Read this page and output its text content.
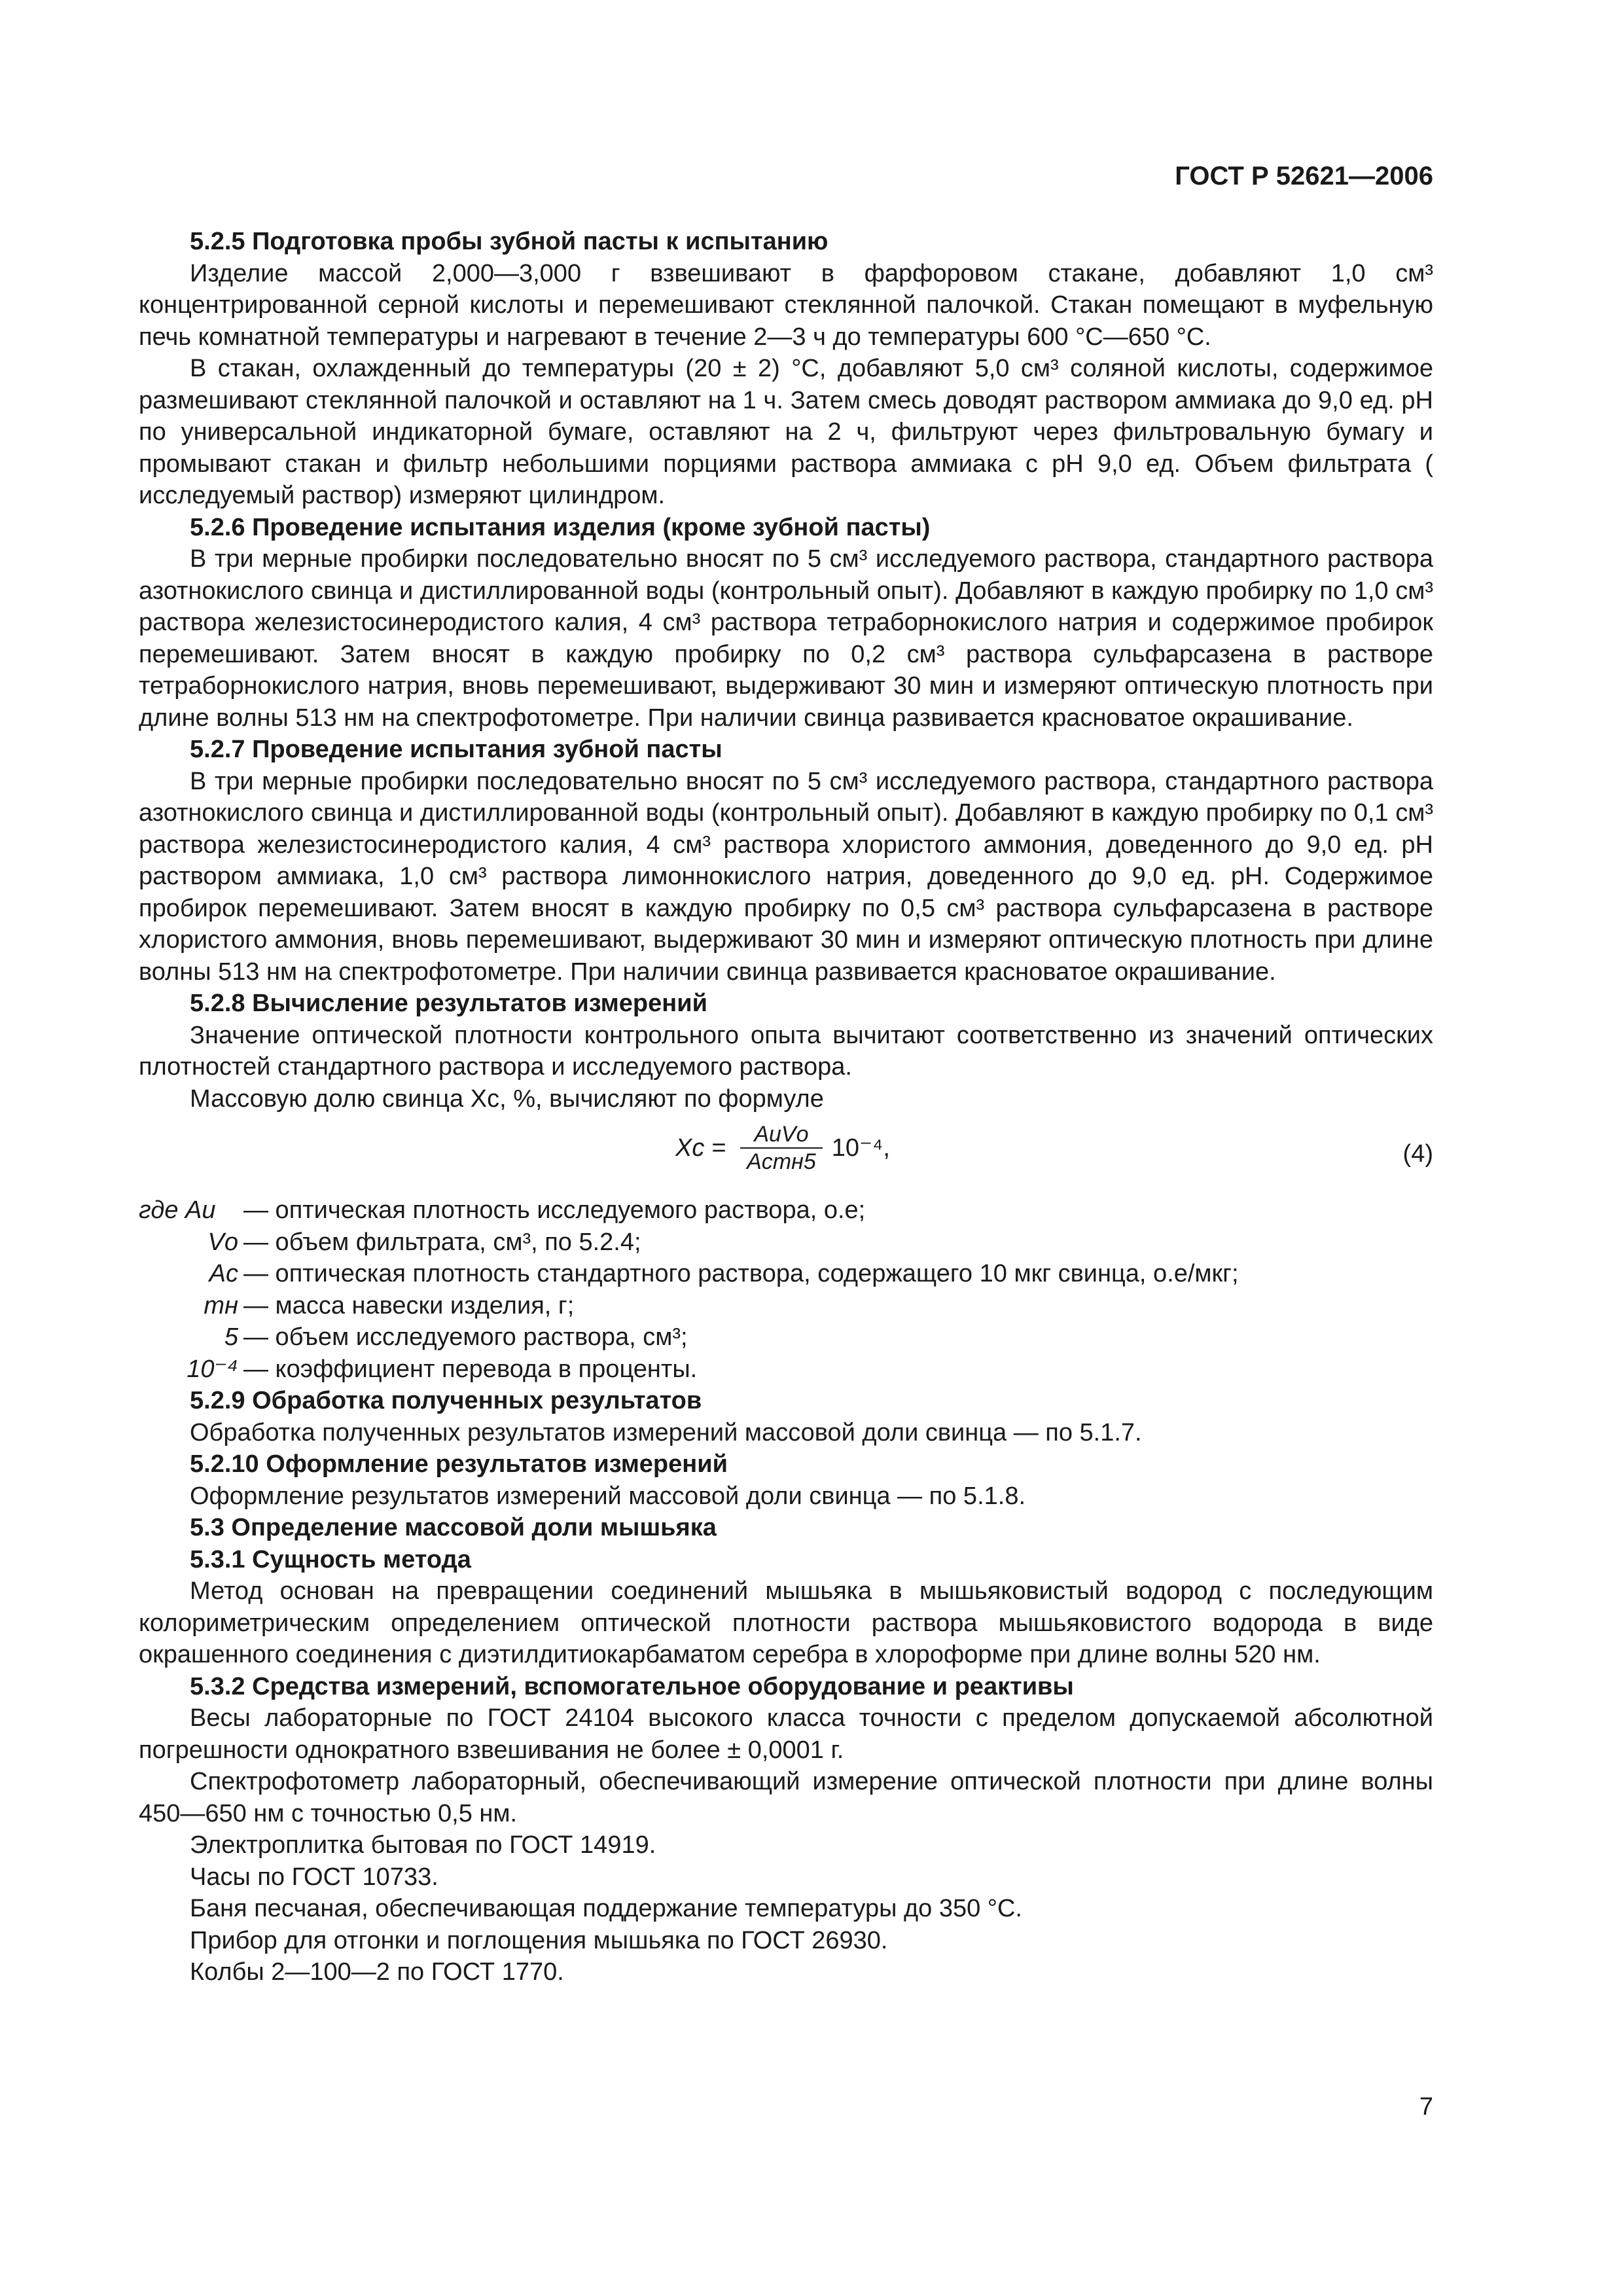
ГОСТ Р 52621—2006

5.2.5 Подготовка пробы зубной пасты к испытанию

Изделие массой 2,000—3,000 г взвешивают в фарфоровом стакане, добавляют 1,0 см³ концентрированной серной кислоты и перемешивают стеклянной палочкой. Стакан помещают в муфельную печь комнатной температуры и нагревают в течение 2—3 ч до температуры 600 °С—650 °С.

В стакан, охлажденный до температуры (20 ± 2) °С, добавляют 5,0 см³ соляной кислоты, содержимое размешивают стеклянной палочкой и оставляют на 1 ч. Затем смесь доводят раствором аммиака до 9,0 ед. рН по универсальной индикаторной бумаге, оставляют на 2 ч, фильтруют через фильтровальную бумагу и промывают стакан и фильтр небольшими порциями раствора аммиака с рН 9,0 ед. Объем фильтрата ( исследуемый раствор) измеряют цилиндром.

5.2.6 Проведение испытания изделия (кроме зубной пасты)

В три мерные пробирки последовательно вносят по 5 см³ исследуемого раствора, стандартного раствора азотнокислого свинца и дистиллированной воды (контрольный опыт). Добавляют в каждую пробирку по 1,0 см³ раствора железистосинеродистого калия, 4 см³ раствора тетраборнокислого натрия и содержимое пробирок перемешивают. Затем вносят в каждую пробирку по 0,2 см³ раствора сульфарсазена в растворе тетраборнокислого натрия, вновь перемешивают, выдерживают 30 мин и измеряют оптическую плотность при длине волны 513 нм на спектрофотометре. При наличии свинца развивается красноватое окрашивание.

5.2.7 Проведение испытания зубной пасты

В три мерные пробирки последовательно вносят по 5 см³ исследуемого раствора, стандартного раствора азотнокислого свинца и дистиллированной воды (контрольный опыт). Добавляют в каждую пробирку по 0,1 см³ раствора железистосинеродистого калия, 4 см³ раствора хлористого аммония, доведенного до 9,0 ед. рН раствором аммиака, 1,0 см³ раствора лимоннокислого натрия, доведенного до 9,0 ед. рН. Содержимое пробирок перемешивают. Затем вносят в каждую пробирку по 0,5 см³ раствора сульфарсазена в растворе хлористого аммония, вновь перемешивают, выдерживают 30 мин и измеряют оптическую плотность при длине волны 513 нм на спектрофотометре. При наличии свинца развивается красноватое окрашивание.

5.2.8 Вычисление результатов измерений

Значение оптической плотности контрольного опыта вычитают соответственно из значений оптических плотностей стандартного раствора и исследуемого раствора.

Массовую долю свинца Xс, %, вычисляют по формуле

Xс = $\frac{\text{AиVо}}{\text{Aсmн5}} 10^{-4}$,	(4)
где Aи	— оптическая плотность исследуемого раствора, о.е;
Vо — объем фильтрата, см³, по 5.2.4;
Aс — оптическая плотность стандартного раствора, содержащего 10 мкг свинца, о.е/мкг;
mн — масса навески изделия, г;
5 — объем исследуемого раствора, см³;
10⁻⁴ — коэффициент перевода в проценты.

5.2.9 Обработка полученных результатов

Обработка полученных результатов измерений массовой доли свинца — по 5.1.7.

5.2.10 Оформление результатов измерений

Оформление результатов измерений массовой доли свинца — по 5.1.8.

5.3 Определение массовой доли мышьяка

5.3.1 Сущность метода

Метод основан на превращении соединений мышьяка в мышьяковистый водород с последующим колориметрическим определением оптической плотности раствора мышьяковистого водорода в виде окрашенного соединения с диэтилдитиокарбаматом серебра в хлороформе при длине волны 520 нм.

5.3.2 Средства измерений, вспомогательное оборудование и реактивы

Весы лабораторные по ГОСТ 24104 высокого класса точности с пределом допускаемой абсолютной погрешности однократного взвешивания не более ± 0,0001 г.

Спектрофотометр лабораторный, обеспечивающий измерение оптической плотности при длине волны 450—650 нм с точностью 0,5 нм.

Электроплитка бытовая по ГОСТ 14919.

Часы по ГОСТ 10733.

Баня песчаная, обеспечивающая поддержание температуры до 350 °С.

Прибор для отгонки и поглощения мышьяка по ГОСТ 26930.

Колбы 2—100—2 по ГОСТ 1770.

7
